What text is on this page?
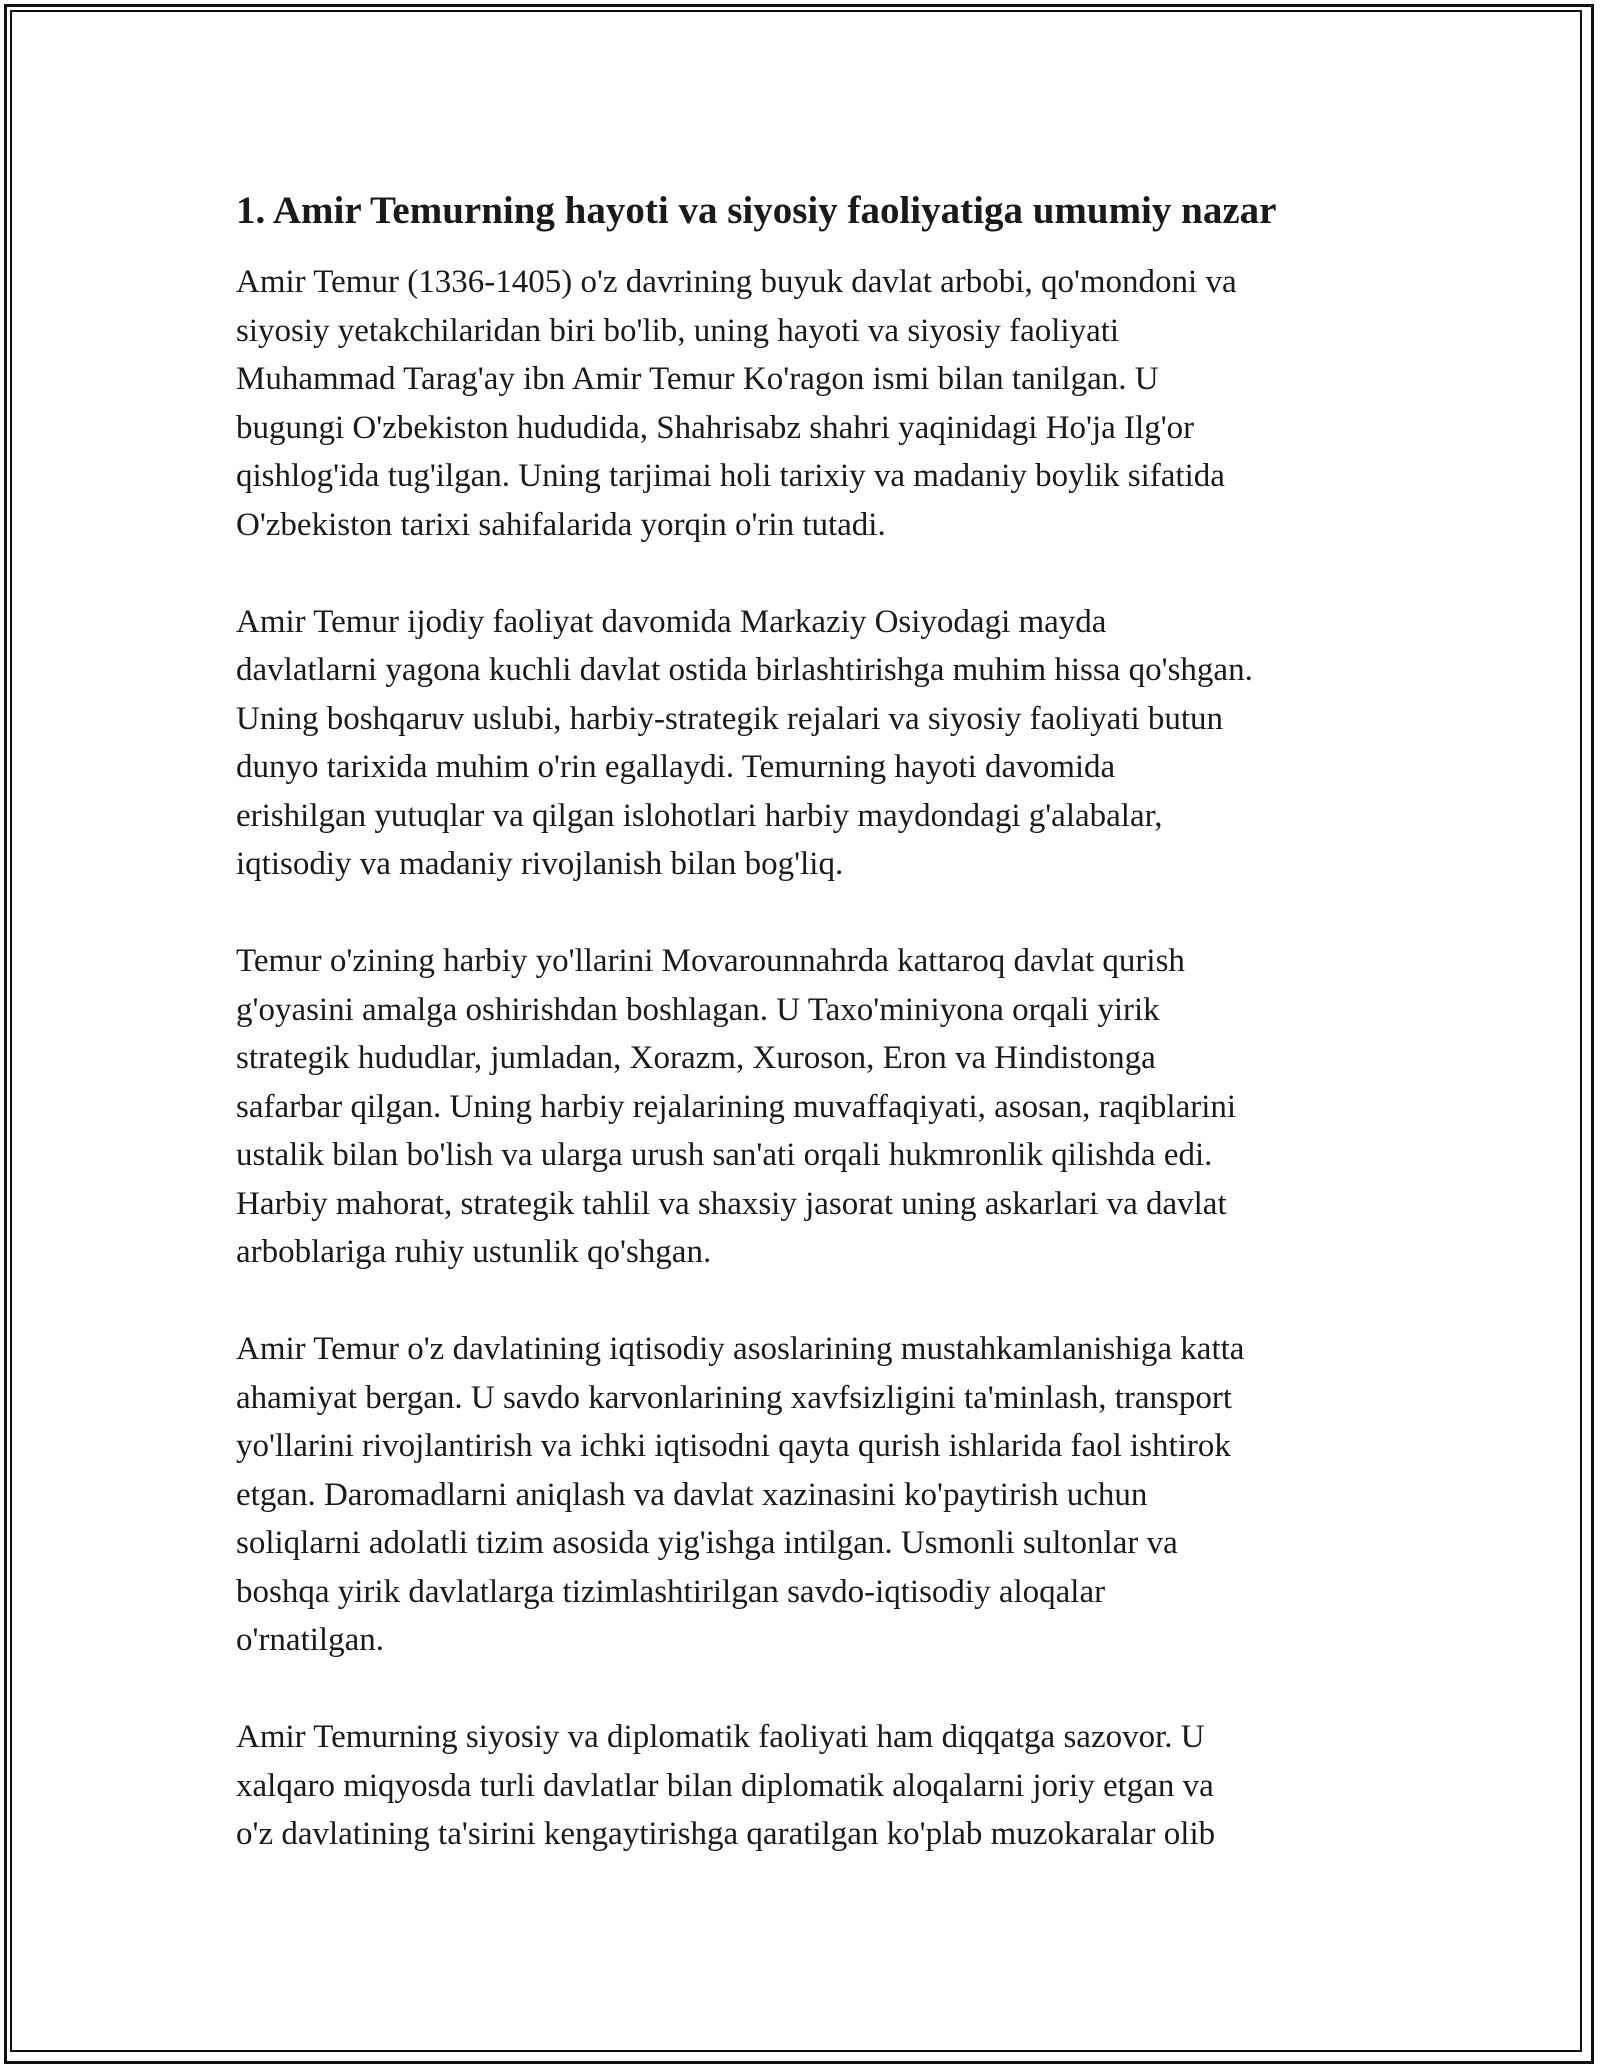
1. Amir Temurning hayoti va siyosiy faoliyatiga umumiy nazar

Amir Temur (1336-1405) o'z davrining buyuk davlat arbobi, qo'mondoni va
siyosiy yetakchilaridan biri bo'lib, uning hayoti va siyosiy faoliyati
Muhammad Tarag'ay ibn Amir Temur Ko'ragon ismi bilan tanilgan. U
bugungi O'zbekiston hududida, Shahrisabz shahri yaqinidagi Ho'ja Ilg'or
qishlog'ida tug'ilgan. Uning tarjimai holi tarixiy va madaniy boylik sifatida
O'zbekiston tarixi sahifalarida yorqin o'rin tutadi.

Amir Temur ijodiy faoliyat davomida Markaziy Osiyodagi mayda
davlatlarni yagona kuchli davlat ostida birlashtirishga muhim hissa qo'shgan.
Uning boshqaruv uslubi, harbiy-strategik rejalari va siyosiy faoliyati butun
dunyo tarixida muhim o'rin egallaydi. Temurning hayoti davomida
erishilgan yutuqlar va qilgan islohotlari harbiy maydondagi g'alabalar,
iqtisodiy va madaniy rivojlanish bilan bog'liq.

Temur o'zining harbiy yo'llarini Movarounnahrda kattaroq davlat qurish
g'oyasini amalga oshirishdan boshlagan. U Taxo'miniyona orqali yirik
strategik hududlar, jumladan, Xorazm, Xuroson, Eron va Hindistonga
safarbar qilgan. Uning harbiy rejalarining muvaffaqiyati, asosan, raqiblarini
ustalik bilan bo'lish va ularga urush san'ati orqali hukmronlik qilishda edi.
Harbiy mahorat, strategik tahlil va shaxsiy jasorat uning askarlari va davlat
arboblariga ruhiy ustunlik qo'shgan.

Amir Temur o'z davlatining iqtisodiy asoslarining mustahkamlanishiga katta
ahamiyat bergan. U savdo karvonlarining xavfsizligini ta'minlash, transport
yo'llarini rivojlantirish va ichki iqtisodni qayta qurish ishlarida faol ishtirok
etgan. Daromadlarni aniqlash va davlat xazinasini ko'paytirish uchun
soliqlarni adolatli tizim asosida yig'ishga intilgan. Usmonli sultonlar va
boshqa yirik davlatlarga tizimlashtirilgan savdo-iqtisodiy aloqalar
o'rnatilgan.

Amir Temurning siyosiy va diplomatik faoliyati ham diqqatga sazovor. U
xalqaro miqyosda turli davlatlar bilan diplomatik aloqalarni joriy etgan va
o'z davlatining ta'sirini kengaytirishga qaratilgan ko'plab muzokaralar olib
